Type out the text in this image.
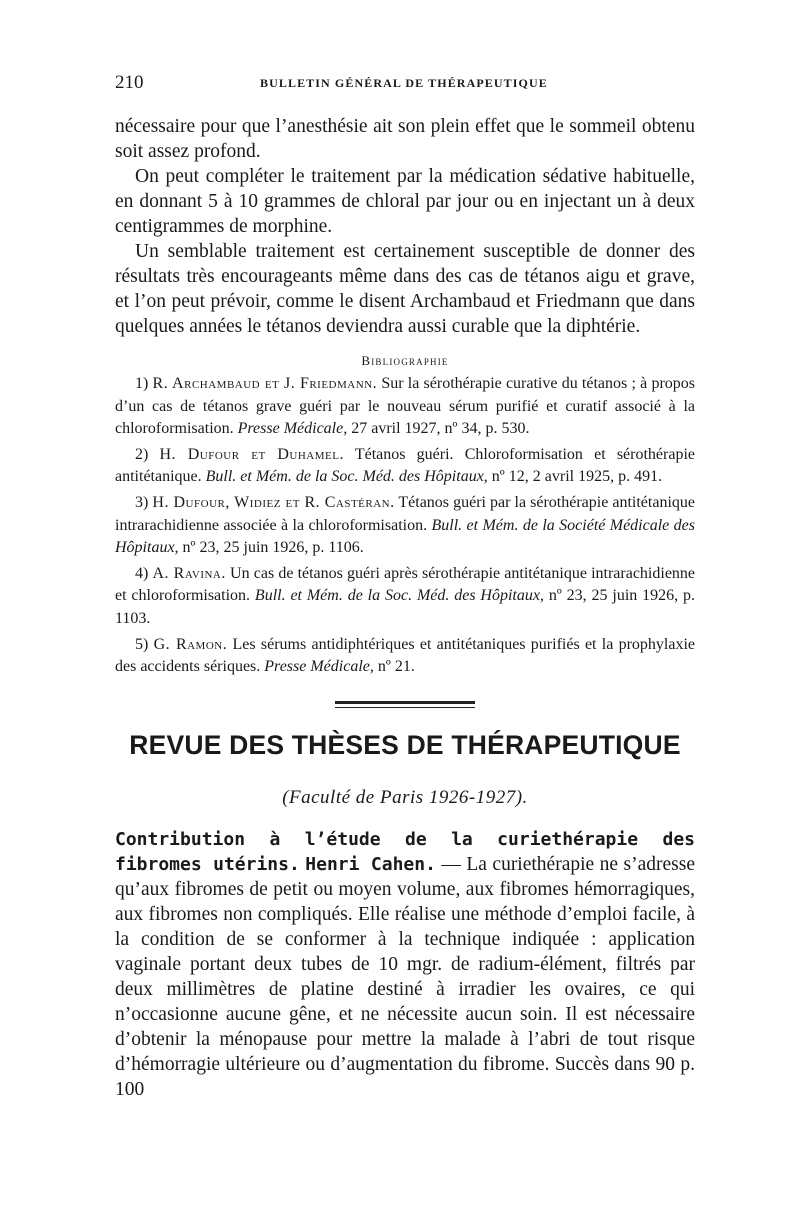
210	BULLETIN GÉNÉRAL DE THÉRAPEUTIQUE

nécessaire pour que l’anesthésie ait son plein effet que le sommeil obtenu soit assez profond.

On peut compléter le traitement par la médication sédative habituelle, en donnant 5 à 10 grammes de chloral par jour ou en injectant un à deux centigrammes de morphine.

Un semblable traitement est certainement susceptible de donner des résultats très encourageants même dans des cas de tétanos aigu et grave, et l’on peut prévoir, comme le disent Archambaud et Friedmann que dans quelques années le tétanos deviendra aussi curable que la diphtérie.

Bibliographie

1) R. Archambaud et J. Friedmann. Sur la sérothérapie curative du tétanos ; à propos d’un cas de tétanos grave guéri par le nouveau sérum purifié et curatif associé à la chloroformisation. Presse Médicale, 27 avril 1927, nº 34, p. 530.

2) H. Dufour et Duhamel. Tétanos guéri. Chloroformisation et sérothérapie antitétanique. Bull. et Mém. de la Soc. Méd. des Hôpitaux, nº 12, 2 avril 1925, p. 491.

3) H. Dufour, Widiez et R. Castéran. Tétanos guéri par la sérothérapie antitétanique intrarachidienne associée à la chloroformisation. Bull. et Mém. de la Société Médicale des Hôpitaux, nº 23, 25 juin 1926, p. 1106.

4) A. Ravina. Un cas de tétanos guéri après sérothérapie antitétanique intrarachidienne et chloroformisation. Bull. et Mém. de la Soc. Méd. des Hôpitaux, nº 23, 25 juin 1926, p. 1103.

5) G. Ramon. Les sérums antidiphtériques et antitétaniques purifiés et la prophylaxie des accidents sériques. Presse Médicale, nº 21.

REVUE DES THÈSES DE THÉRAPEUTIQUE
(Faculté de Paris 1926-1927).

Contribution à l’étude de la curiethérapie des fibromes utérins. Henri Cahen. — La curiethérapie ne s’adresse qu’aux fibromes de petit ou moyen volume, aux fibromes hémorragiques, aux fibromes non compliqués. Elle réalise une méthode d’emploi facile, à la condition de se conformer à la technique indiquée : application vaginale portant deux tubes de 10 mgr. de radium-élément, filtrés par deux millimètres de platine destiné à irradier les ovaires, ce qui n’occasionne aucune gêne, et ne nécessite aucun soin. Il est nécessaire d’obtenir la ménopause pour mettre la malade à l’abri de tout risque d’hémorragie ultérieure ou d’augmentation du fibrome. Succès dans 90 p. 100
